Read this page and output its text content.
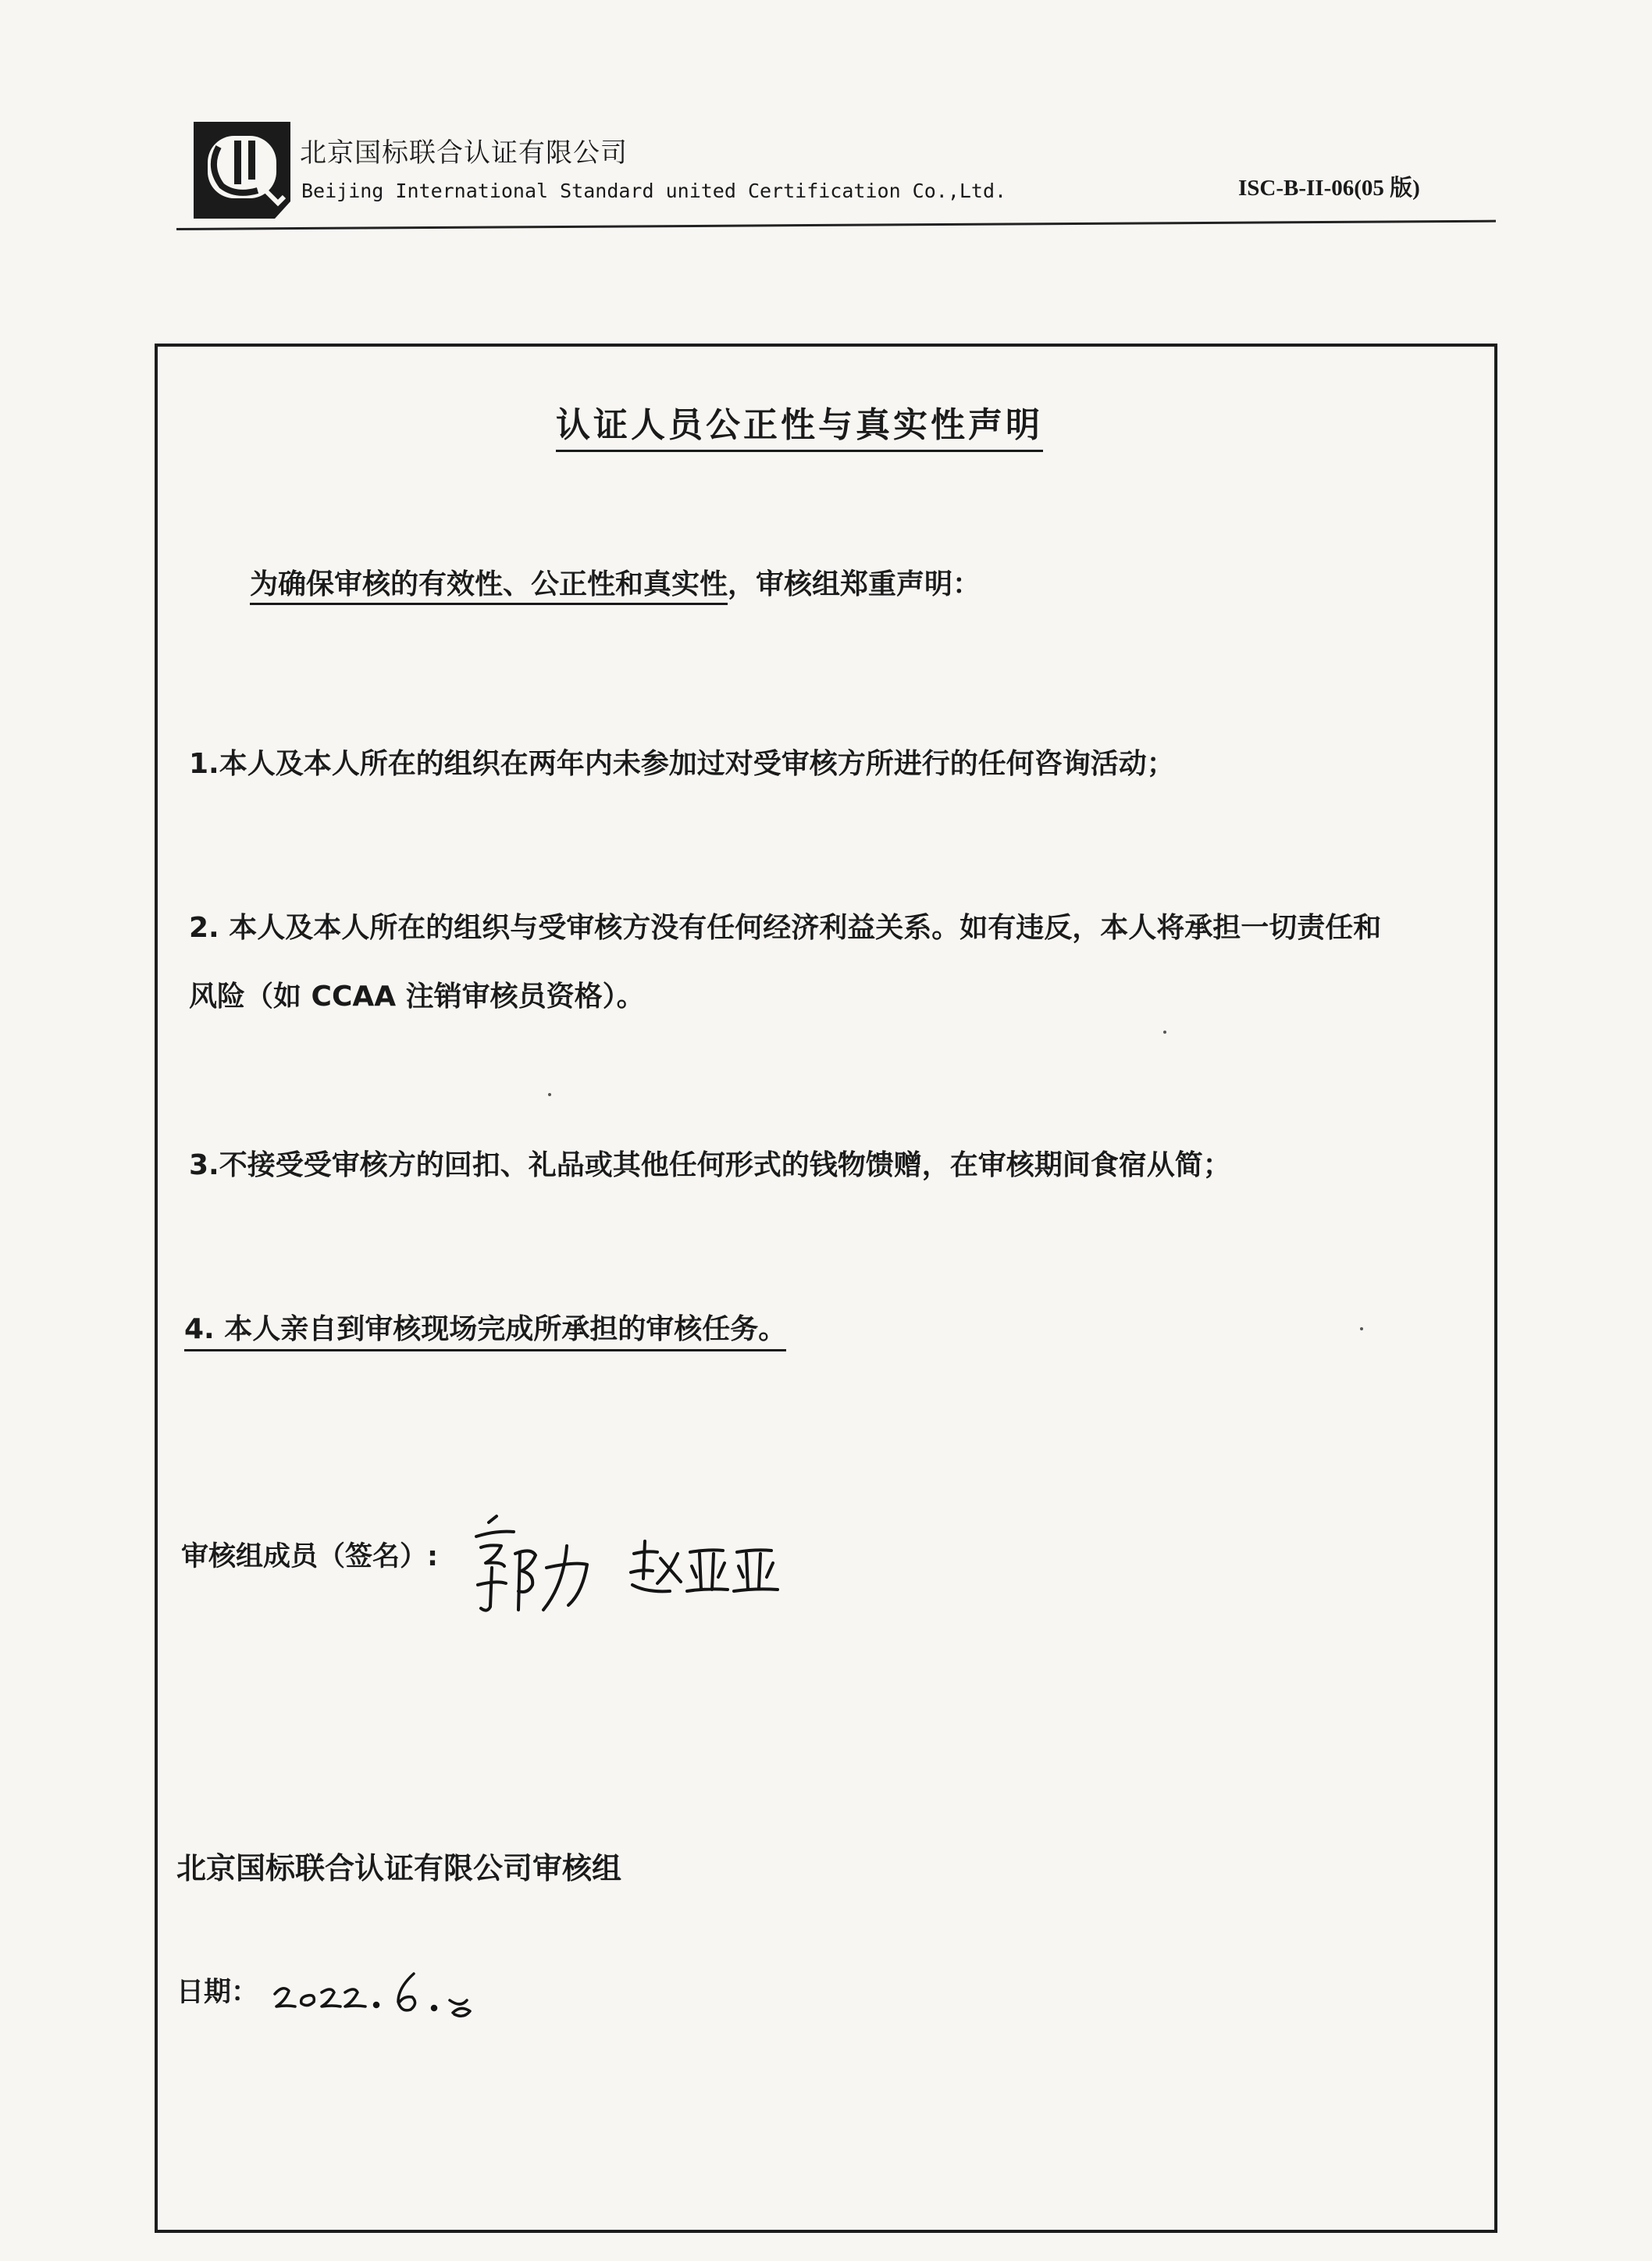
北京国标联合认证有限公司
Beijing International Standard united Certification Co.,Ltd.	ISC-B-II-06(05 版)
认证人员公正性与真实性声明
为确保审核的有效性、公正性和真实性，审核组郑重声明：
1.本人及本人所在的组织在两年内未参加过对受审核方所进行的任何咨询活动；
2. 本人及本人所在的组织与受审核方没有任何经济利益关系。如有违反，本人将承担一切责任和
风险（如 CCAA 注销审核员资格）。
3.不接受受审核方的回扣、礼品或其他任何形式的钱物馈赠，在审核期间食宿从简；
4. 本人亲自到审核现场完成所承担的审核任务。
审核组成员（签名）:
北京国标联合认证有限公司审核组
日期：
